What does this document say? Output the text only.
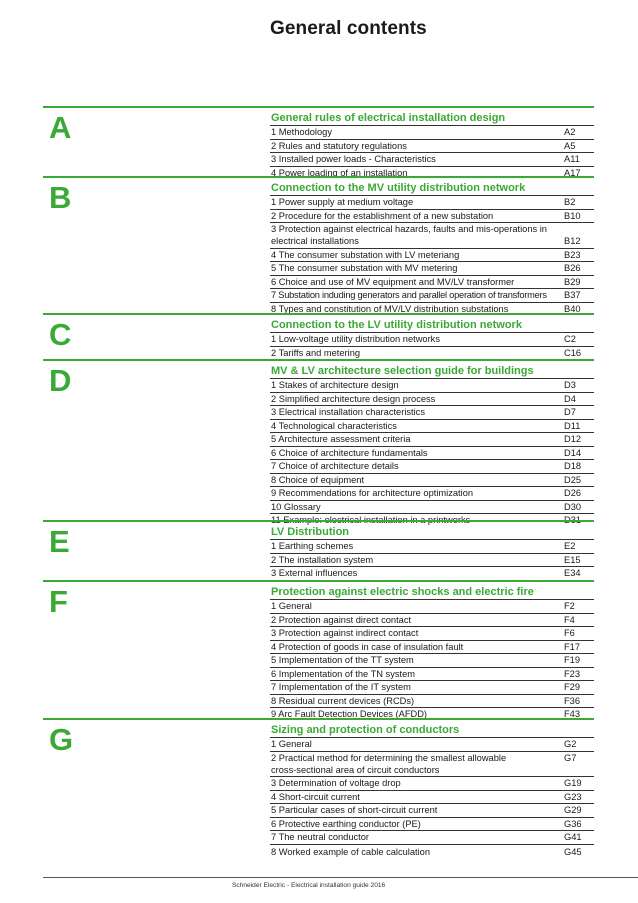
General contents
A	General rules of electrical installation design
1 Methodology	A2
2 Rules and statutory regulations	A5
3 Installed power loads - Characteristics	A11
4 Power loading of an installation	A17
B	Connection to the MV utility distribution network
1 Power supply at medium voltage	B2
2 Procedure for the establishment of a new substation	B10
3 Protection against electrical hazards, faults and mis-operations in electrical installations	B12
4 The consumer substation with LV meteriang	B23
5 The consumer substation with MV metering	B26
6 Choice and use of MV equipment and MV/LV transformer	B29
7 Substation induding generators and parallel operation of transformers	B37
8 Types and constitution of MV/LV distribution substations	B40
C	Connection to the LV utility distribution network
1 Low-voltage utility distribution networks	C2
2 Tariffs and metering	C16
D	MV & LV architecture selection guide for buildings
1 Stakes of architecture design	D3
2 Simplified architecture design process	D4
3 Electrical installation characteristics	D7
4 Technological characteristics	D11
5 Architecture assessment criteria	D12
6 Choice of architecture fundamentals	D14
7 Choice of architecture details	D18
8 Choice of equipment	D25
9 Recommendations for architecture optimization	D26
10 Glossary	D30
11 Example: electrical installation in a printworks	D31
E	LV Distribution
1 Earthing schemes	E2
2 The installation system	E15
3 External influences	E34
F	Protection against electric shocks and electric fire
1 General	F2
2 Protection against direct contact	F4
3 Protection against indirect contact	F6
4 Protection of goods in case of insulation fault	F17
5 Implementation of the TT system	F19
6 Implementation of the TN system	F23
7 Implementation of the IT system	F29
8 Residual current devices (RCDs)	F36
9 Arc Fault Detection Devices (AFDD)	F43
G	Sizing and protection of conductors
1 General	G2
2 Practical method for determining the smallest allowable cross-sectional area of circuit conductors
G7
3 Determination of voltage drop	G19
4 Short-circuit current	G23
5 Particular cases of short-circuit current	G29
6 Protective earthing conductor (PE)	G36
7 The neutral conductor	G41
8 Worked example of cable calculation	G45
Schneider Electric - Electrical installation guide 2016
